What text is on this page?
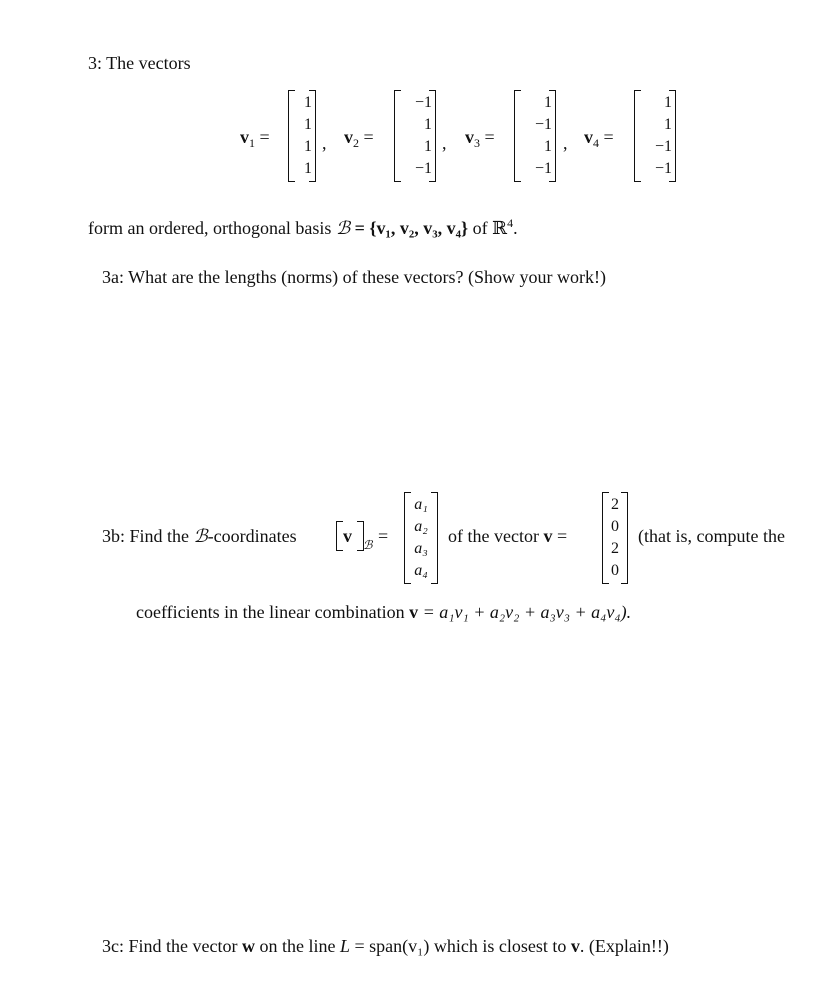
3: The vectors
$v_1$ =
1
1
1
1
, $v_2$ =
−1
1
1
−1
, $v_3$ =
1
−1
1
−1
, $v_4$ =
1
1
−1
−1
form an ordered, orthogonal basis ℬ = {v₁, v₂, v₃, v₄} of ℝ$^4$.
3a: What are the lengths (norms) of these vectors? (Show your work!)
3b: Find the ℬ-coordinates	v ℬ =
a₁
a₂
a₃
a₄
of the vector v =
2
0
2
0
(that is, compute the
coefficients in the linear combination v = a₁v₁ + a₂v₂ + a₃v₃ + a₄v₄).
3c: Find the vector w on the line L = span(v₁) which is closest to v. (Explain!!)
